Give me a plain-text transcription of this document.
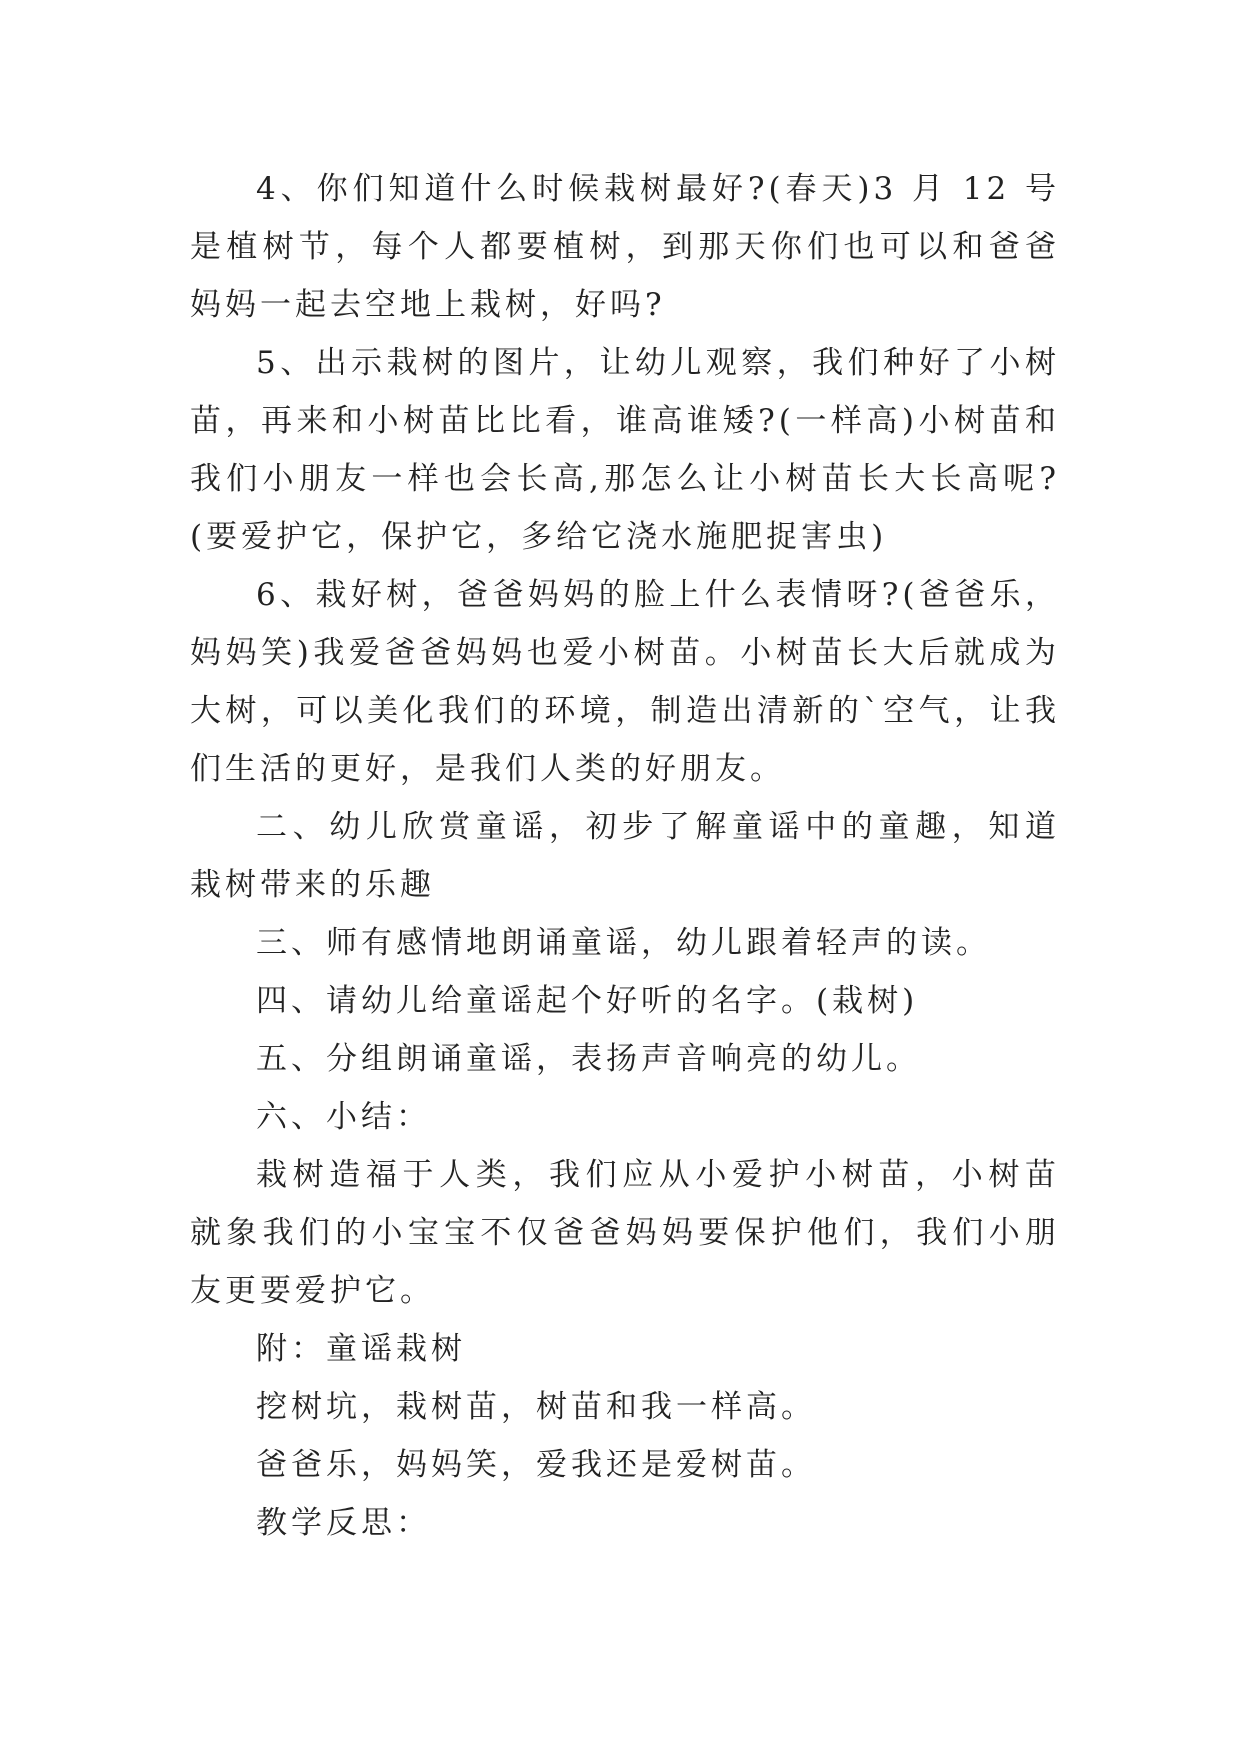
4、你们知道什么时候栽树最好?(春天)3 月 12 号是植树节，每个人都要植树，到那天你们也可以和爸爸妈妈一起去空地上栽树，好吗?

5、出示栽树的图片，让幼儿观察，我们种好了小树苗，再来和小树苗比比看，谁高谁矮?(一样高)小树苗和我们小朋友一样也会长高,那怎么让小树苗长大长高呢?(要爱护它，保护它，多给它浇水施肥捉害虫)

6、栽好树，爸爸妈妈的脸上什么表情呀?(爸爸乐，妈妈笑)我爱爸爸妈妈也爱小树苗。小树苗长大后就成为大树，可以美化我们的环境，制造出清新的`空气，让我们生活的更好，是我们人类的好朋友。

二、幼儿欣赏童谣，初步了解童谣中的童趣，知道栽树带来的乐趣

三、师有感情地朗诵童谣，幼儿跟着轻声的读。

四、请幼儿给童谣起个好听的名字。(栽树)

五、分组朗诵童谣，表扬声音响亮的幼儿。

六、小结：

栽树造福于人类，我们应从小爱护小树苗，小树苗就象我们的小宝宝不仅爸爸妈妈要保护他们，我们小朋友更要爱护它。

附：童谣栽树

挖树坑，栽树苗，树苗和我一样高。

爸爸乐，妈妈笑，爱我还是爱树苗。

教学反思：
